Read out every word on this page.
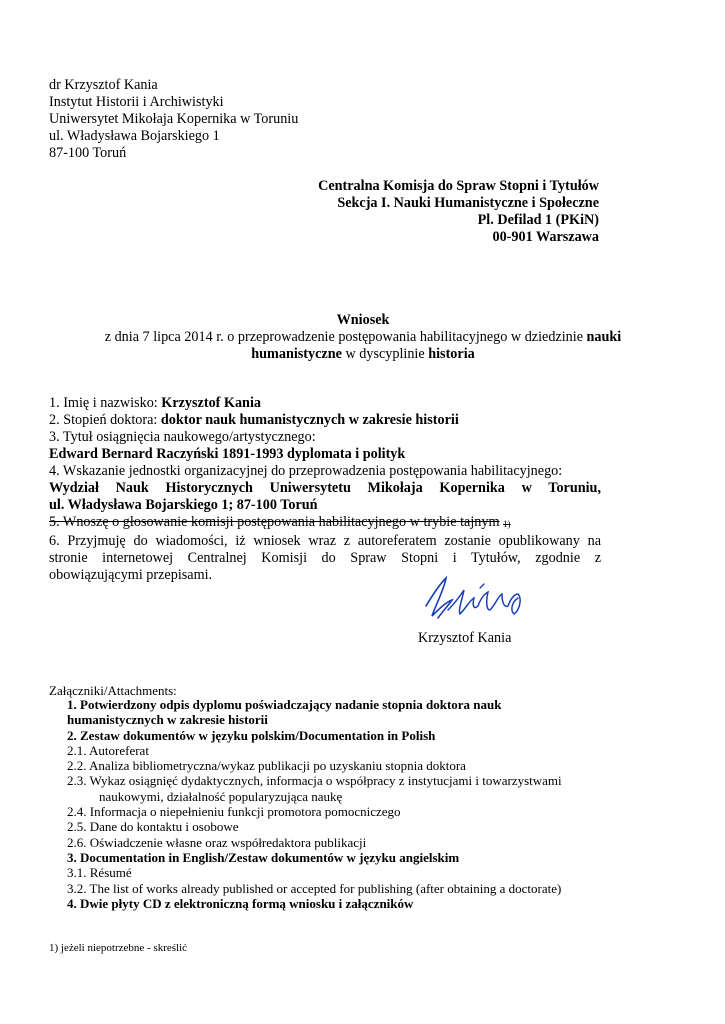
dr Krzysztof Kania
Instytut Historii i Archiwistyki
Uniwersytet Mikołaja Kopernika w Toruniu
ul. Władysława Bojarskiego 1
87-100 Toruń
Centralna Komisja do Spraw Stopni i Tytułów
Sekcja I. Nauki Humanistyczne i Społeczne
Pl. Defilad 1 (PKiN)
00-901 Warszawa
Wniosek
z dnia 7 lipca 2014 r. o przeprowadzenie postępowania habilitacyjnego w dziedzinie nauki
humanistyczne w dyscyplinie historia
1. Imię i nazwisko: Krzysztof Kania
2. Stopień doktora: doktor nauk humanistycznych w zakresie historii
3. Tytuł osiągnięcia naukowego/artystycznego:
Edward Bernard Raczyński 1891-1993 dyplomata i polityk
4. Wskazanie jednostki organizacyjnej do przeprowadzenia postępowania habilitacyjnego:
Wydział Nauk Historycznych Uniwersytetu Mikołaja Kopernika w Toruniu,
ul. Władysława Bojarskiego 1; 87-100 Toruń
5. Wnoszę o głosowanie komisji postępowania habilitacyjnego w trybie tajnym 1)
6. Przyjmuję do wiadomości, iż wniosek wraz z autoreferatem zostanie opublikowany na
stronie internetowej Centralnej Komisji do Spraw Stopni i Tytułów, zgodnie z
obowiązującymi przepisami.
Krzysztof Kania
Załączniki/Attachments:
1. Potwierdzony odpis dyplomu poświadczający nadanie stopnia doktora nauk
humanistycznych w zakresie historii
2. Zestaw dokumentów w języku polskim/Documentation in Polish
2.1. Autoreferat
2.2. Analiza bibliometryczna/wykaz publikacji po uzyskaniu stopnia doktora
2.3. Wykaz osiągnięć dydaktycznych, informacja o współpracy z instytucjami i towarzystwami
naukowymi, działalność popularyzująca naukę
2.4. Informacja o niepełnieniu funkcji promotora pomocniczego
2.5. Dane do kontaktu i osobowe
2.6. Oświadczenie własne oraz współredaktora publikacji
3. Documentation in English/Zestaw dokumentów w języku angielskim
3.1. Résumé
3.2. The list of works already published or accepted for publishing (after obtaining a doctorate)
4. Dwie płyty CD z elektroniczną formą wniosku i załączników
1) jeżeli niepotrzebne - skreślić
